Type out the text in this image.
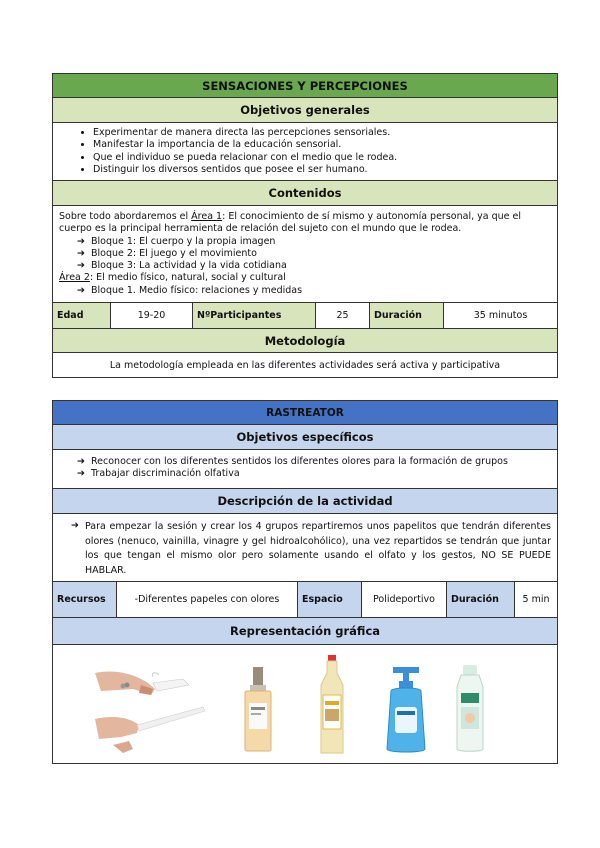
SENSACIONES Y PERCEPCIONES
Objetivos generales
• Experimentar de manera directa las percepciones sensoriales.
• Manifestar la importancia de la educación sensorial.
• Que el individuo se pueda relacionar con el medio que le rodea.
• Distinguir los diversos sentidos que posee el ser humano.
Contenidos
Sobre todo abordaremos el Área 1: El conocimiento de sí mismo y autonomía personal, ya que el cuerpo es la principal herramienta de relación del sujeto con el mundo que le rodea.
➔ Bloque 1: El cuerpo y la propia imagen
➔ Bloque 2: El juego y el movimiento
➔ Bloque 3: La actividad y la vida cotidiana
Área 2: El medio físico, natural, social y cultural
➔ Bloque 1. Medio físico: relaciones y medidas
Edad	19-20	NºParticipantes	25	Duración	35 minutos
Metodología
La metodología empleada en las diferentes actividades será activa y participativa
RASTREATOR
Objetivos específicos
➔ Reconocer con los diferentes sentidos los diferentes olores para la formación de grupos
➔ Trabajar discriminación olfativa
Descripción de la actividad
➔ Para empezar la sesión y crear los 4 grupos repartiremos unos papelitos que tendrán diferentes olores (nenuco, vainilla, vinagre y gel hidroalcohólico), una vez repartidos se tendrán que juntar los que tengan el mismo olor pero solamente usando el olfato y los gestos, NO SE PUEDE HABLAR.
Recursos	-Diferentes papeles con olores	Espacio	Polideportivo	Duración	5 min
Representación gráfica
